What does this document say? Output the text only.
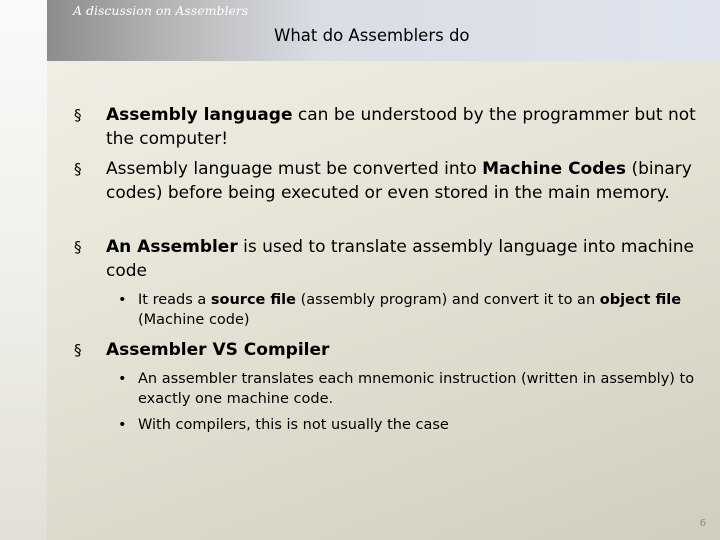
A discussion on Assemblers
What do Assemblers do
§ Assembly language can be understood by the programmer but not the computer!
§ Assembly language must be converted into Machine Codes (binary codes) before being executed or even stored in the main memory.
§ An Assembler is used to translate assembly language into machine code
• It reads a source file (assembly program) and convert it to an object file (Machine code)
§ Assembler VS Compiler
• An assembler translates each mnemonic instruction (written in assembly) to exactly one machine code.
• With compilers, this is not usually the case
6
